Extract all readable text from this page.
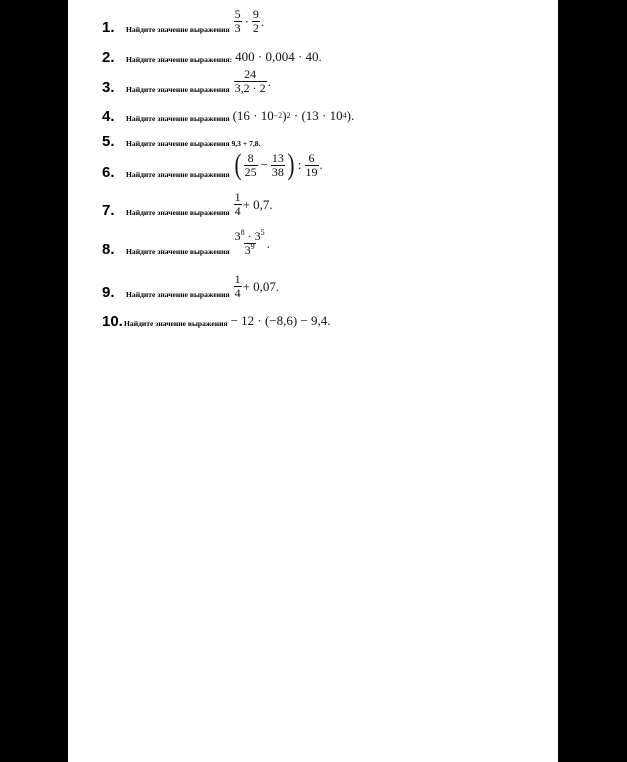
1.	Найдите значение выражения $\frac{5}{3} \cdot \frac{9}{2}$ .
2.	Найдите значение выражения: 400 · 0,004 · 40.
3.	Найдите значение выражения $\frac{24}{3,2 \cdot 2}$ .
4.	Найдите значение выражения (16 · 10 −2 ) 2 · (13 · 10 4 ).
5.	Найдите значение выражения 9,3 + 7,8.
6.	Найдите значение выражения ( $\frac{8}{25} - \frac{13}{38}$ ) : $\frac{6}{19}$ .
7.	Найдите значение выражения $\frac{1}{4} + 0,7$.
8.	Найдите значение выражения $\frac{3^8 \cdot 3^5}{3^9}$ .
9.	Найдите значение выражения $\frac{1}{4} + 0,07$.
10. Найдите значение выражения − 12 · (−8,6) − 9,4.
